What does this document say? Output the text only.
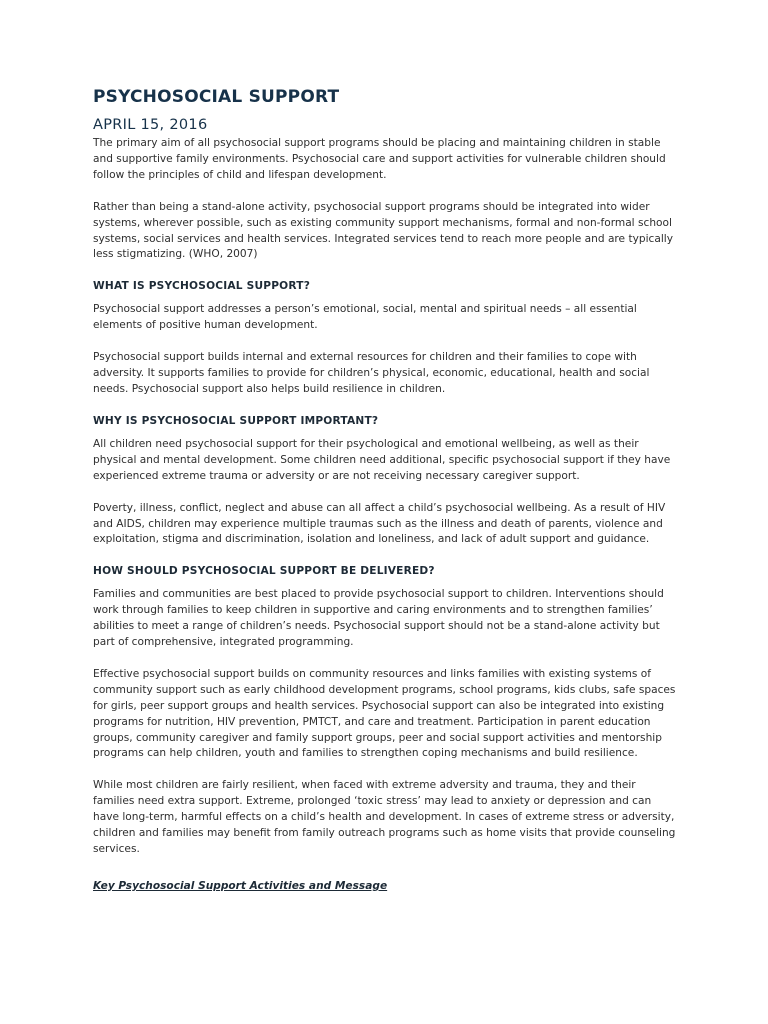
PSYCHOSOCIAL SUPPORT
APRIL 15, 2016

The primary aim of all psychosocial support programs should be placing and maintaining children in stable and supportive family environments. Psychosocial care and support activities for vulnerable children should follow the principles of child and lifespan development.

Rather than being a stand-alone activity, psychosocial support programs should be integrated into wider systems, wherever possible, such as existing community support mechanisms, formal and non-formal school systems, social services and health services. Integrated services tend to reach more people and are typically less stigmatizing. (WHO, 2007)

WHAT IS PSYCHOSOCIAL SUPPORT?

Psychosocial support addresses a person’s emotional, social, mental and spiritual needs – all essential elements of positive human development.

Psychosocial support builds internal and external resources for children and their families to cope with adversity. It supports families to provide for children’s physical, economic, educational, health and social needs. Psychosocial support also helps build resilience in children.

WHY IS PSYCHOSOCIAL SUPPORT IMPORTANT?

All children need psychosocial support for their psychological and emotional wellbeing, as well as their physical and mental development. Some children need additional, specific psychosocial support if they have experienced extreme trauma or adversity or are not receiving necessary caregiver support.

Poverty, illness, conflict, neglect and abuse can all affect a child’s psychosocial wellbeing. As a result of HIV and AIDS, children may experience multiple traumas such as the illness and death of parents, violence and exploitation, stigma and discrimination, isolation and loneliness, and lack of adult support and guidance.

HOW SHOULD PSYCHOSOCIAL SUPPORT BE DELIVERED?

Families and communities are best placed to provide psychosocial support to children. Interventions should work through families to keep children in supportive and caring environments and to strengthen families’ abilities to meet a range of children’s needs. Psychosocial support should not be a stand-alone activity but part of comprehensive, integrated programming.

Effective psychosocial support builds on community resources and links families with existing systems of community support such as early childhood development programs, school programs, kids clubs, safe spaces for girls, peer support groups and health services. Psychosocial support can also be integrated into existing programs for nutrition, HIV prevention, PMTCT, and care and treatment. Participation in parent education groups, community caregiver and family support groups, peer and social support activities and mentorship programs can help children, youth and families to strengthen coping mechanisms and build resilience.

While most children are fairly resilient, when faced with extreme adversity and trauma, they and their families need extra support. Extreme, prolonged ‘toxic stress’ may lead to anxiety or depression and can have long-term, harmful effects on a child’s health and development. In cases of extreme stress or adversity, children and families may benefit from family outreach programs such as home visits that provide counseling services.

Key Psychosocial Support Activities and Message
